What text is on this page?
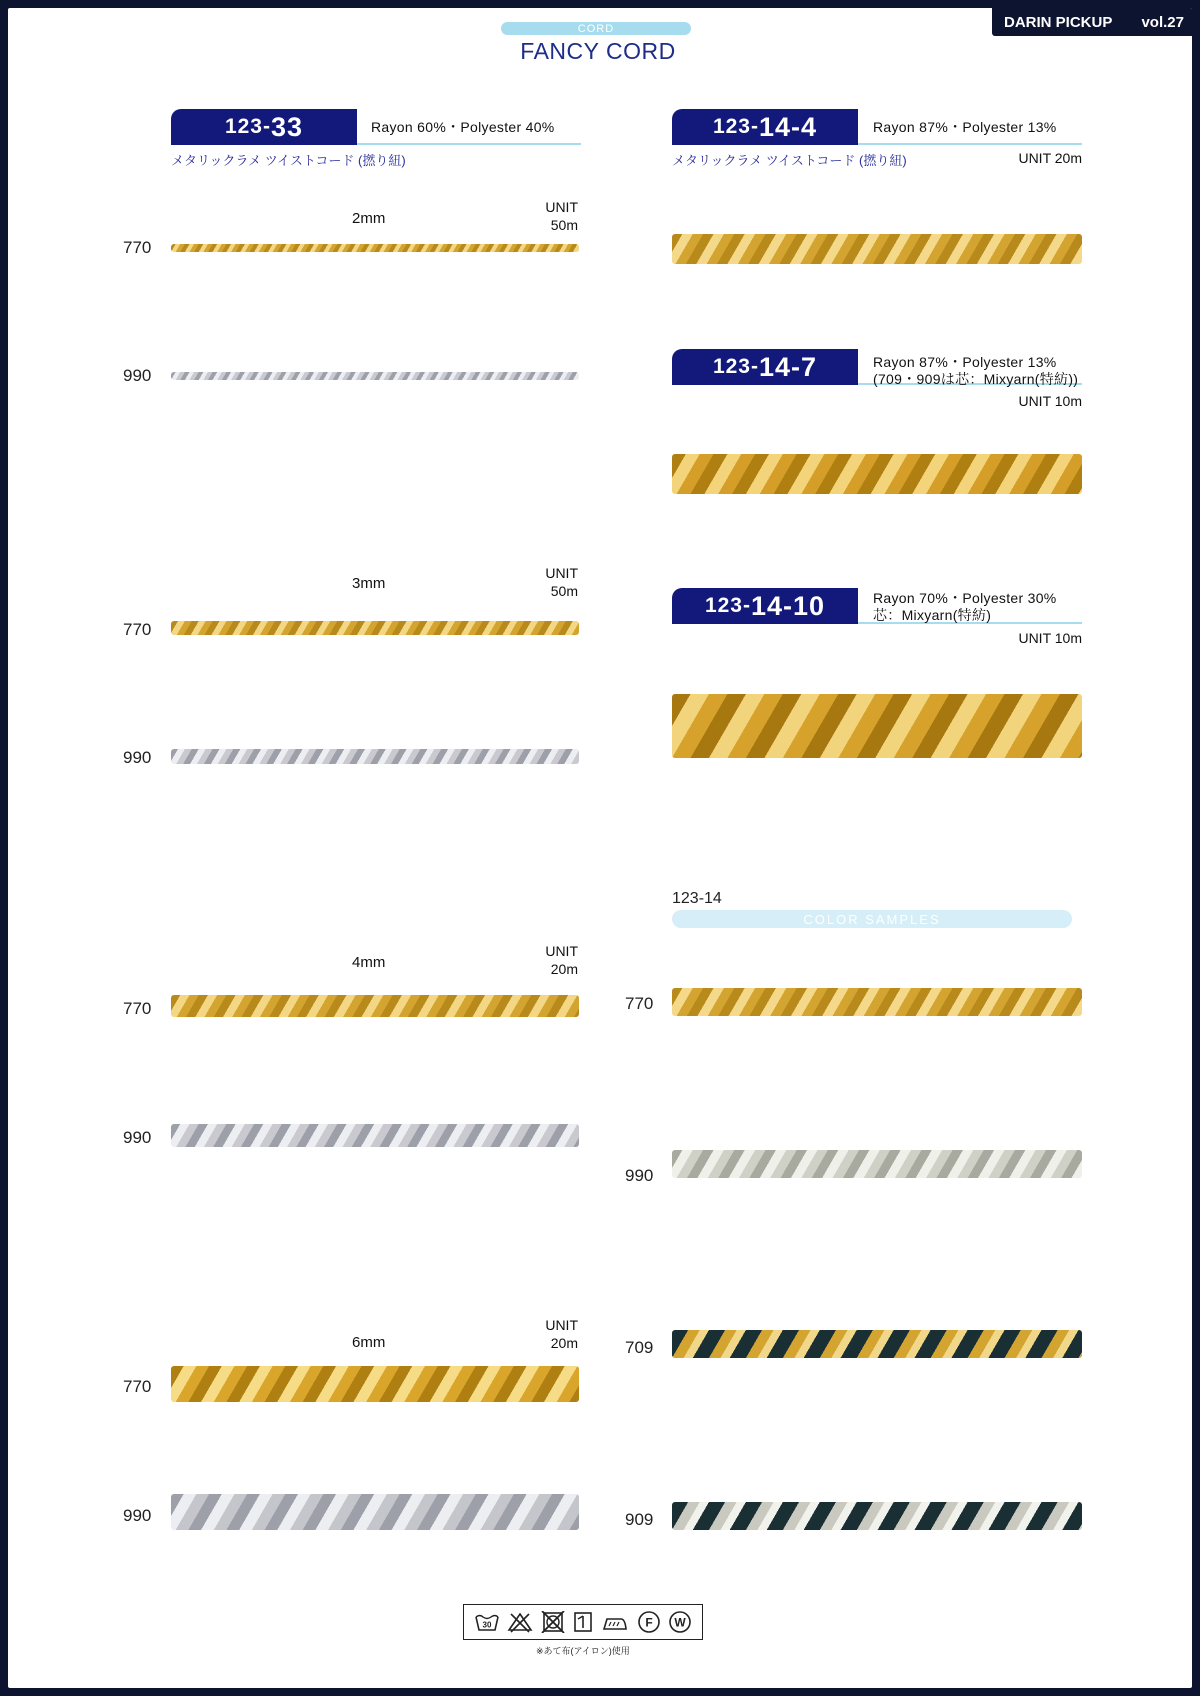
DARIN PICKUP vol.27
CORD
FANCY CORD
123- 33	Rayon 60%・Polyester 40%
メタリックラメ ツイストコード (撚り紐)
2mm
UNIT
50m
770
990
3mm
UNIT
50m
770
990
4mm
UNIT
20m
770
990
6mm
UNIT
20m
770
990
123- 14-4	Rayon 87%・Polyester 13%
メタリックラメ ツイストコード (撚り紐)	UNIT 20m
123- 14-7	Rayon 87%・Polyester 13%
(709・909は芯：Mixyarn(特紡))
UNIT 10m
123- 14-10	Rayon 70%・Polyester 30%
芯：Mixyarn(特紡)
UNIT 10m
123-14
COLOR SAMPLES
770
990
709
909
30	F W
※あて布(アイロン)使用
